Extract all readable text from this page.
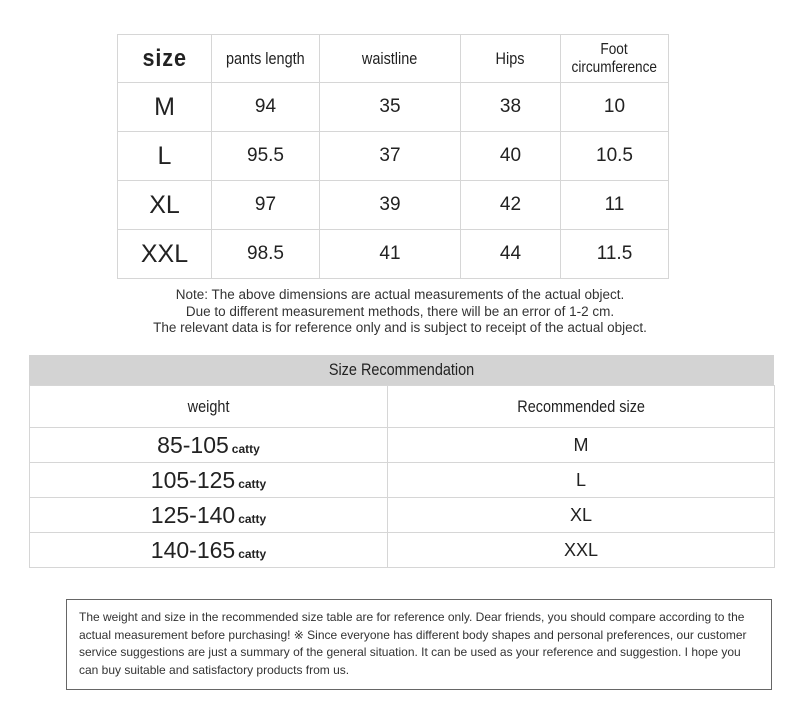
size	pants length	waistline	Hips	Foot
circumference
M	94	35	38	10
L	95.5	37	40	10.5
XL	97	39	42	11
XXL	98.5	41	44	11.5
Note: The above dimensions are actual measurements of the actual object.
Due to different measurement methods, there will be an error of 1-2 cm.
The relevant data is for reference only and is subject to receipt of the actual object.
Size Recommendation
weight	Recommended size
85-105 catty	M
105-125 catty	L
125-140 catty	XL
140-165 catty	XXL
The weight and size in the recommended size table are for reference only. Dear friends, you should compare according to the actual measurement before purchasing! ※ Since everyone has different body shapes and personal preferences, our customer service suggestions are just a summary of the general situation. It can be used as your reference and suggestion. I hope you can buy suitable and satisfactory products from us.
